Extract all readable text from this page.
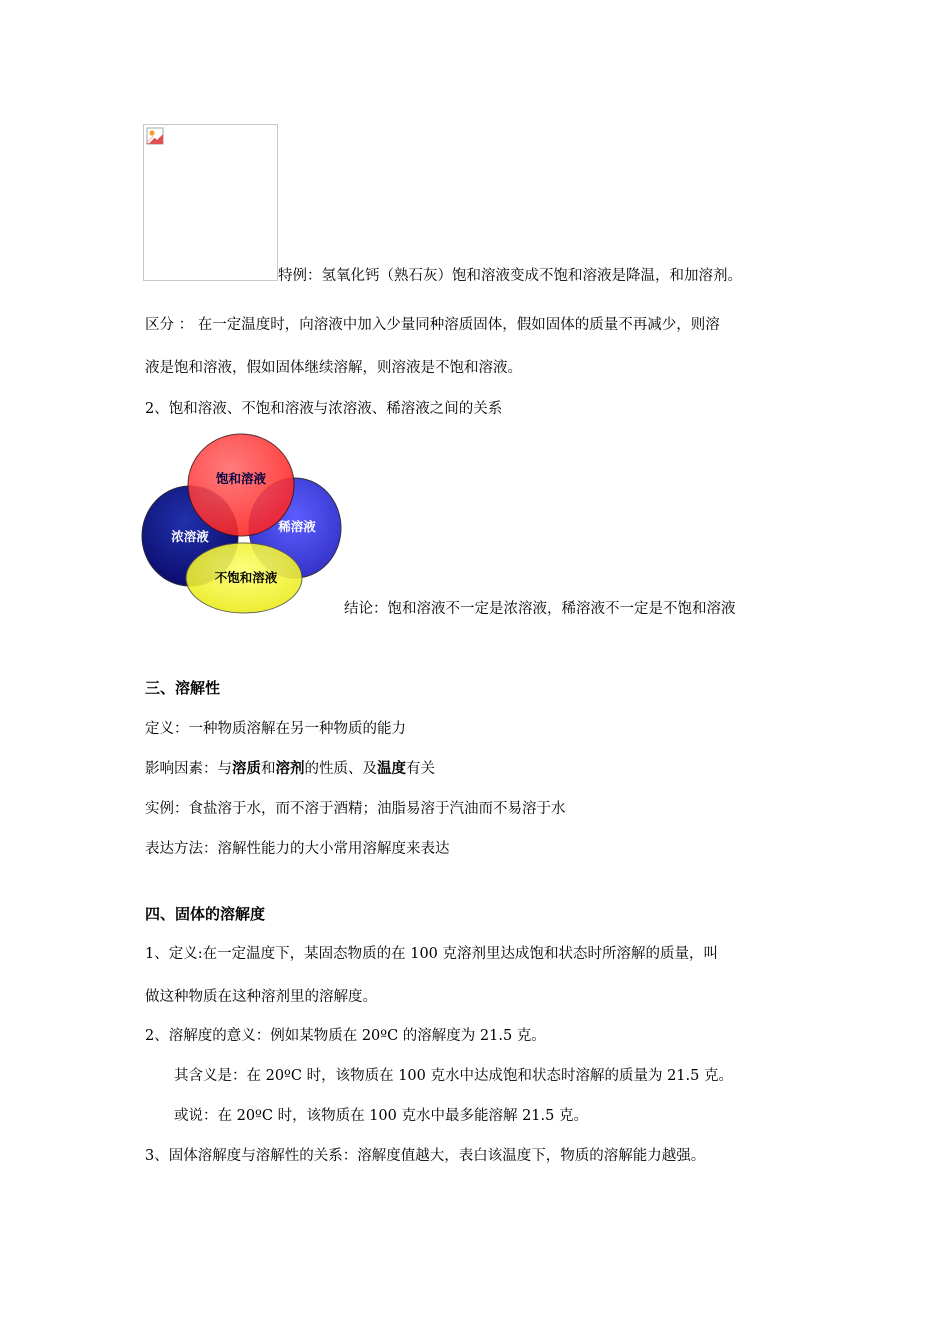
特例：氢氧化钙（熟石灰）饱和溶液变成不饱和溶液是降温，和加溶剂。
区分 ： 在一定温度时，向溶液中加入少量同种溶质固体，假如固体的质量不再减少，则溶
液是饱和溶液，假如固体继续溶解，则溶液是不饱和溶液。
2、饱和溶液、不饱和溶液与浓溶液、稀溶液之间的关系
饱和溶液
浓溶液
稀溶液
不饱和溶液
结论：饱和溶液不一定是浓溶液，稀溶液不一定是不饱和溶液
三、溶解性
定义：一种物质溶解在另一种物质的能力
影响因素：与溶质和溶剂的性质、及温度有关
实例：食盐溶于水，而不溶于酒精；油脂易溶于汽油而不易溶于水
表达方法：溶解性能力的大小常用溶解度来表达
四、固体的溶解度
1、定义:在一定温度下，某固态物质的在 100 克溶剂里达成饱和状态时所溶解的质量，叫
做这种物质在这种溶剂里的溶解度。
2、溶解度的意义：例如某物质在 20ºC 的溶解度为 21.5 克。
其含义是：在 20ºC 时，该物质在 100 克水中达成饱和状态时溶解的质量为 21.5 克。
或说：在 20ºC 时，该物质在 100 克水中最多能溶解 21.5 克。
3、固体溶解度与溶解性的关系：溶解度值越大，表白该温度下，物质的溶解能力越强。
